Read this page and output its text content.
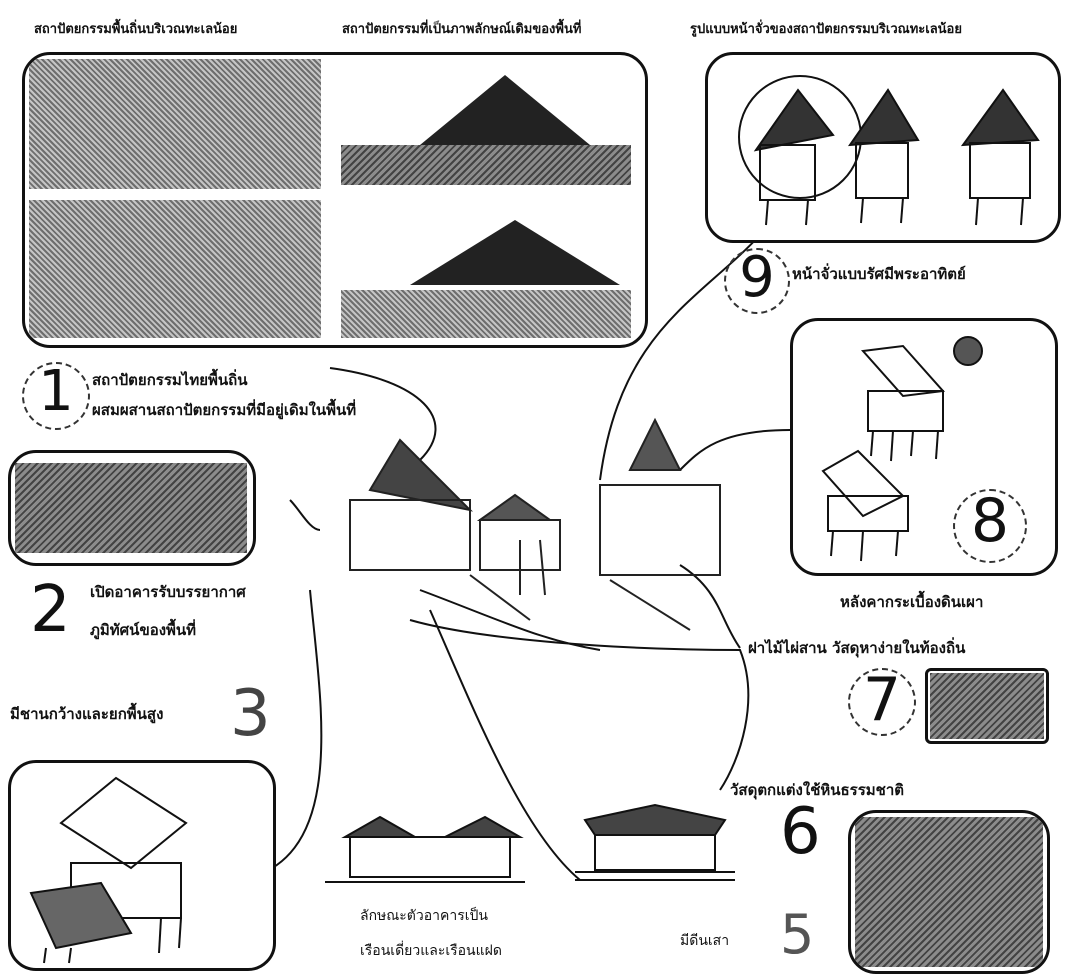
สถาปัตยกรรมพื้นถิ่นบริเวณทะเลน้อย	สถาปัตยกรรมที่เป็นภาพลักษณ์เดิมของพื้นที่	รูปแบบหน้าจั่วของสถาปัตยกรรมบริเวณทะเลน้อย
9	หน้าจั่วแบบรัศมีพระอาทิตย์
1	สถาปัตยกรรมไทยพื้นถิ่น
ผสมผสานสถาปัตยกรรมที่มีอยู่เดิมในพื้นที่
2 เปิดอาคารรับบรรยากาศ
ภูมิทัศน์ของพื้นที่
8
หลังคากระเบื้องดินเผา
ฝาไม้ไผ่สาน วัสดุหาง่ายในท้องถิ่น
7
มีชานกว้างและยกพื้นสูง 3
ลักษณะตัวอาคารเป็น
เรือนเดี่ยวและเรือนแฝด
มีดีนเสา 5
วัสดุตกแต่งใช้หินธรรมชาติ
6
